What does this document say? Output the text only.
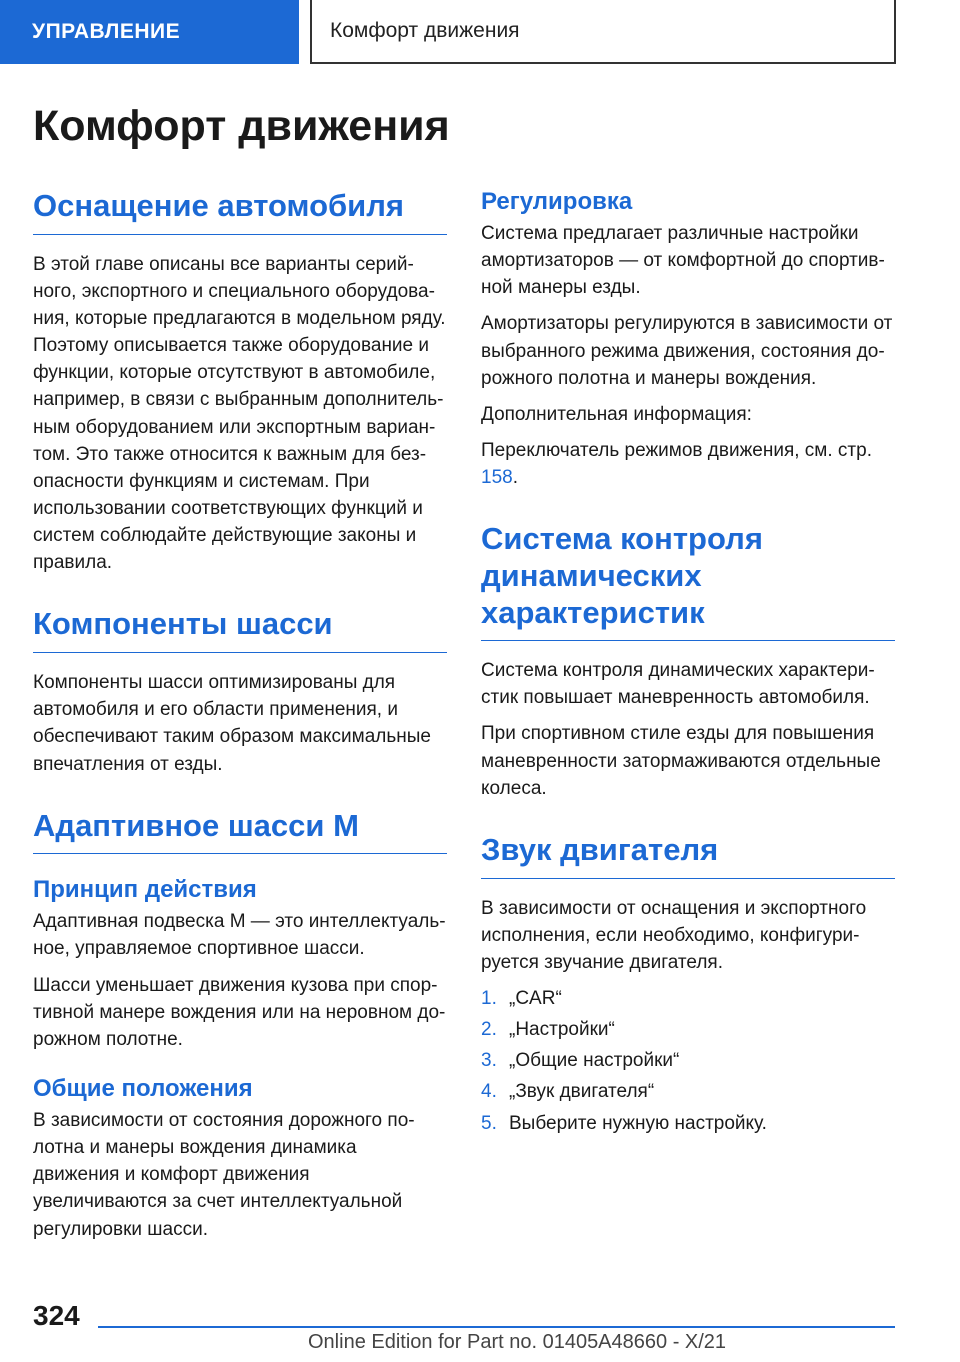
УПРАВЛЕНИЕ	Комфорт движения
Комфорт движения
Оснащение автомобиля

В этой главе описаны все варианты серийного, экспортного и специального оборудования, которые предлагаются в модельном ряду. Поэтому описывается также оборудование и функции, которые отсутствуют в автомобиле, например, в связи с выбранным дополнительным оборудованием или экспортным вариантом. Это также относится к важным для безопасности функциям и системам. При использовании соответствующих функций и систем соблюдайте действующие законы и правила.

Компоненты шасси

Компоненты шасси оптимизированы для автомобиля и его области применения, и обеспечивают таким образом максимальные впечатления от езды.

Адаптивное шасси M
Принцип действия

Адаптивная подвеска M — это интеллектуальное, управляемое спортивное шасси.

Шасси уменьшает движения кузова при спортивной манере вождения или на неровном дорожном полотне.

Общие положения

В зависимости от состояния дорожного полотна и манеры вождения динамика движения и комфорт движения увеличиваются за счет интеллектуальной регулировки шасси.

Регулировка

Система предлагает различные настройки амортизаторов — от комфортной до спортивной манеры езды.

Амортизаторы регулируются в зависимости от выбранного режима движения, состояния дорожного полотна и манеры вождения.

Дополнительная информация:

Переключатель режимов движения, см. стр. 158.

Система контроля динамических характеристик

Система контроля динамических характеристик повышает маневренность автомобиля.

При спортивном стиле езды для повышения маневренности затормаживаются отдельные колеса.

Звук двигателя

В зависимости от оснащения и экспортного исполнения, если необходимо, конфигурируется звучание двигателя.

1. „CAR“
2. „Настройки“
3. „Общие настройки“
4. „Звук двигателя“
5. Выберите нужную настройку.
324
Online Edition for Part no. 01405A48660 - X/21
